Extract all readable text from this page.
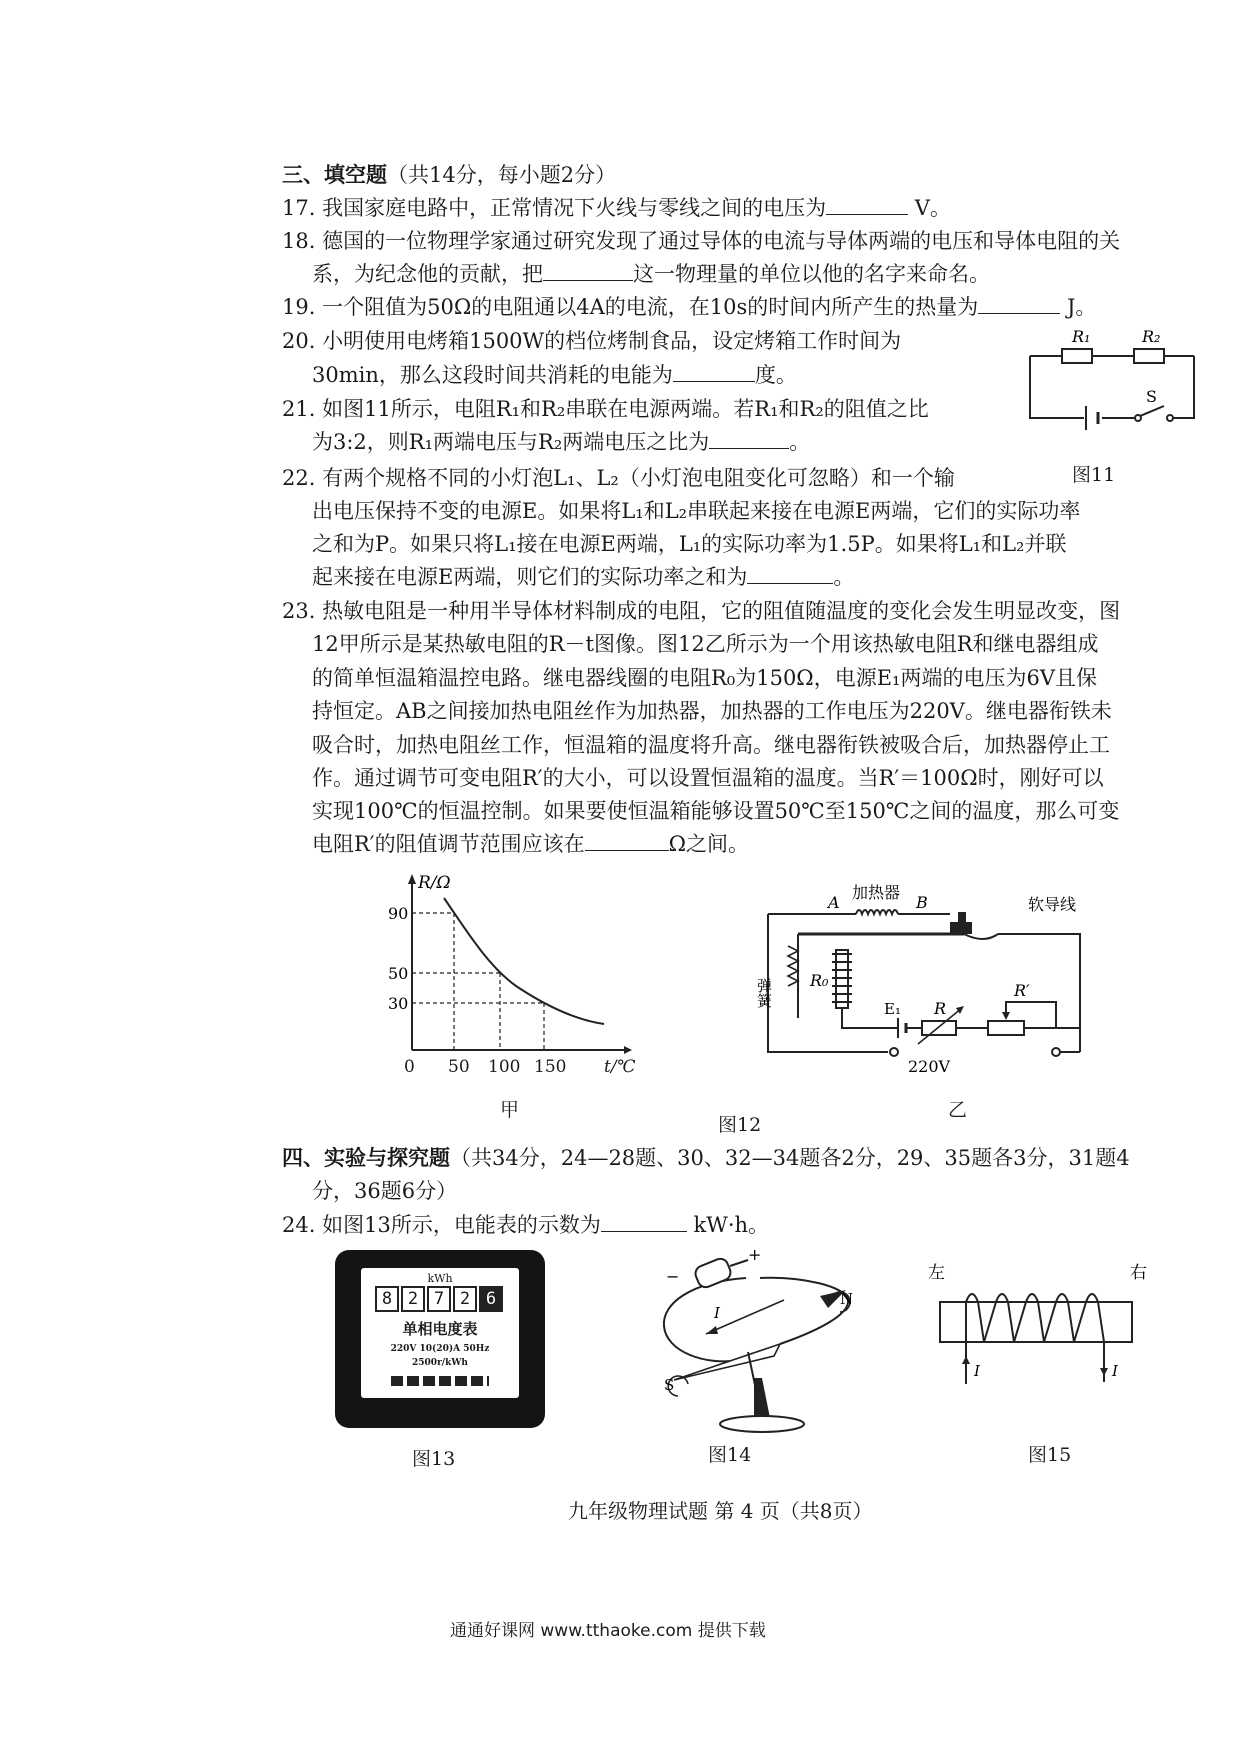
三、填空题（共14分，每小题2分）
17. 我国家庭电路中，正常情况下火线与零线之间的电压为	V。
18. 德国的一位物理学家通过研究发现了通过导体的电流与导体两端的电压和导体电阻的关
系，为纪念他的贡献，把	这一物理量的单位以他的名字来命名。
19. 一个阻值为50Ω的电阻通以4A的电流，在10s的时间内所产生的热量为	J。
20. 小明使用电烤箱1500W的档位烤制食品，设定烤箱工作时间为
30min，那么这段时间共消耗的电能为	度。
21. 如图11所示，电阻R₁和R₂串联在电源两端。若R₁和R₂的阻值之比
为3:2，则R₁两端电压与R₂两端电压之比为	。
R₁	R₂
S
图11
22. 有两个规格不同的小灯泡L₁、L₂（小灯泡电阻变化可忽略）和一个输
出电压保持不变的电源E。如果将L₁和L₂串联起来接在电源E两端，它们的实际功率
之和为P。如果只将L₁接在电源E两端，L₁的实际功率为1.5P。如果将L₁和L₂并联
起来接在电源E两端，则它们的实际功率之和为	。
23. 热敏电阻是一种用半导体材料制成的电阻，它的阻值随温度的变化会发生明显改变，图
12甲所示是某热敏电阻的R－t图像。图12乙所示为一个用该热敏电阻R和继电器组成
的简单恒温箱温控电路。继电器线圈的电阻R₀为150Ω，电源E₁两端的电压为6V且保
持恒定。AB之间接加热电阻丝作为加热器，加热器的工作电压为220V。继电器衔铁未
吸合时，加热电阻丝工作，恒温箱的温度将升高。继电器衔铁被吸合后，加热器停止工
作。通过调节可变电阻R′的大小，可以设置恒温箱的温度。当R′＝100Ω时，刚好可以
实现100℃的恒温控制。如果要使恒温箱能够设置50℃至150℃之间的温度，那么可变
电阻R′的阻值调节范围应该在	Ω之间。
R/Ω
90
50
30
0 50 100 150 t/℃
甲
加热器
A	B	软导线
弹簧 R₀
E₁ R
R′
220V
乙
图12
四、实验与探究题（共34分，24—28题、30、32—34题各2分，29、35题各3分，31题4
分，36题6分）
24. 如图13所示，电能表的示数为	kW·h。
kWh
8 2 7 2 6
单相电度表
220V 10(20)A 50Hz
2500r/kWh
图13
+
−
I
N
S
图14
左	右
I	I
图15
九年级物理试题 第 4 页（共8页）
通通好课网 www.tthaoke.com 提供下载
